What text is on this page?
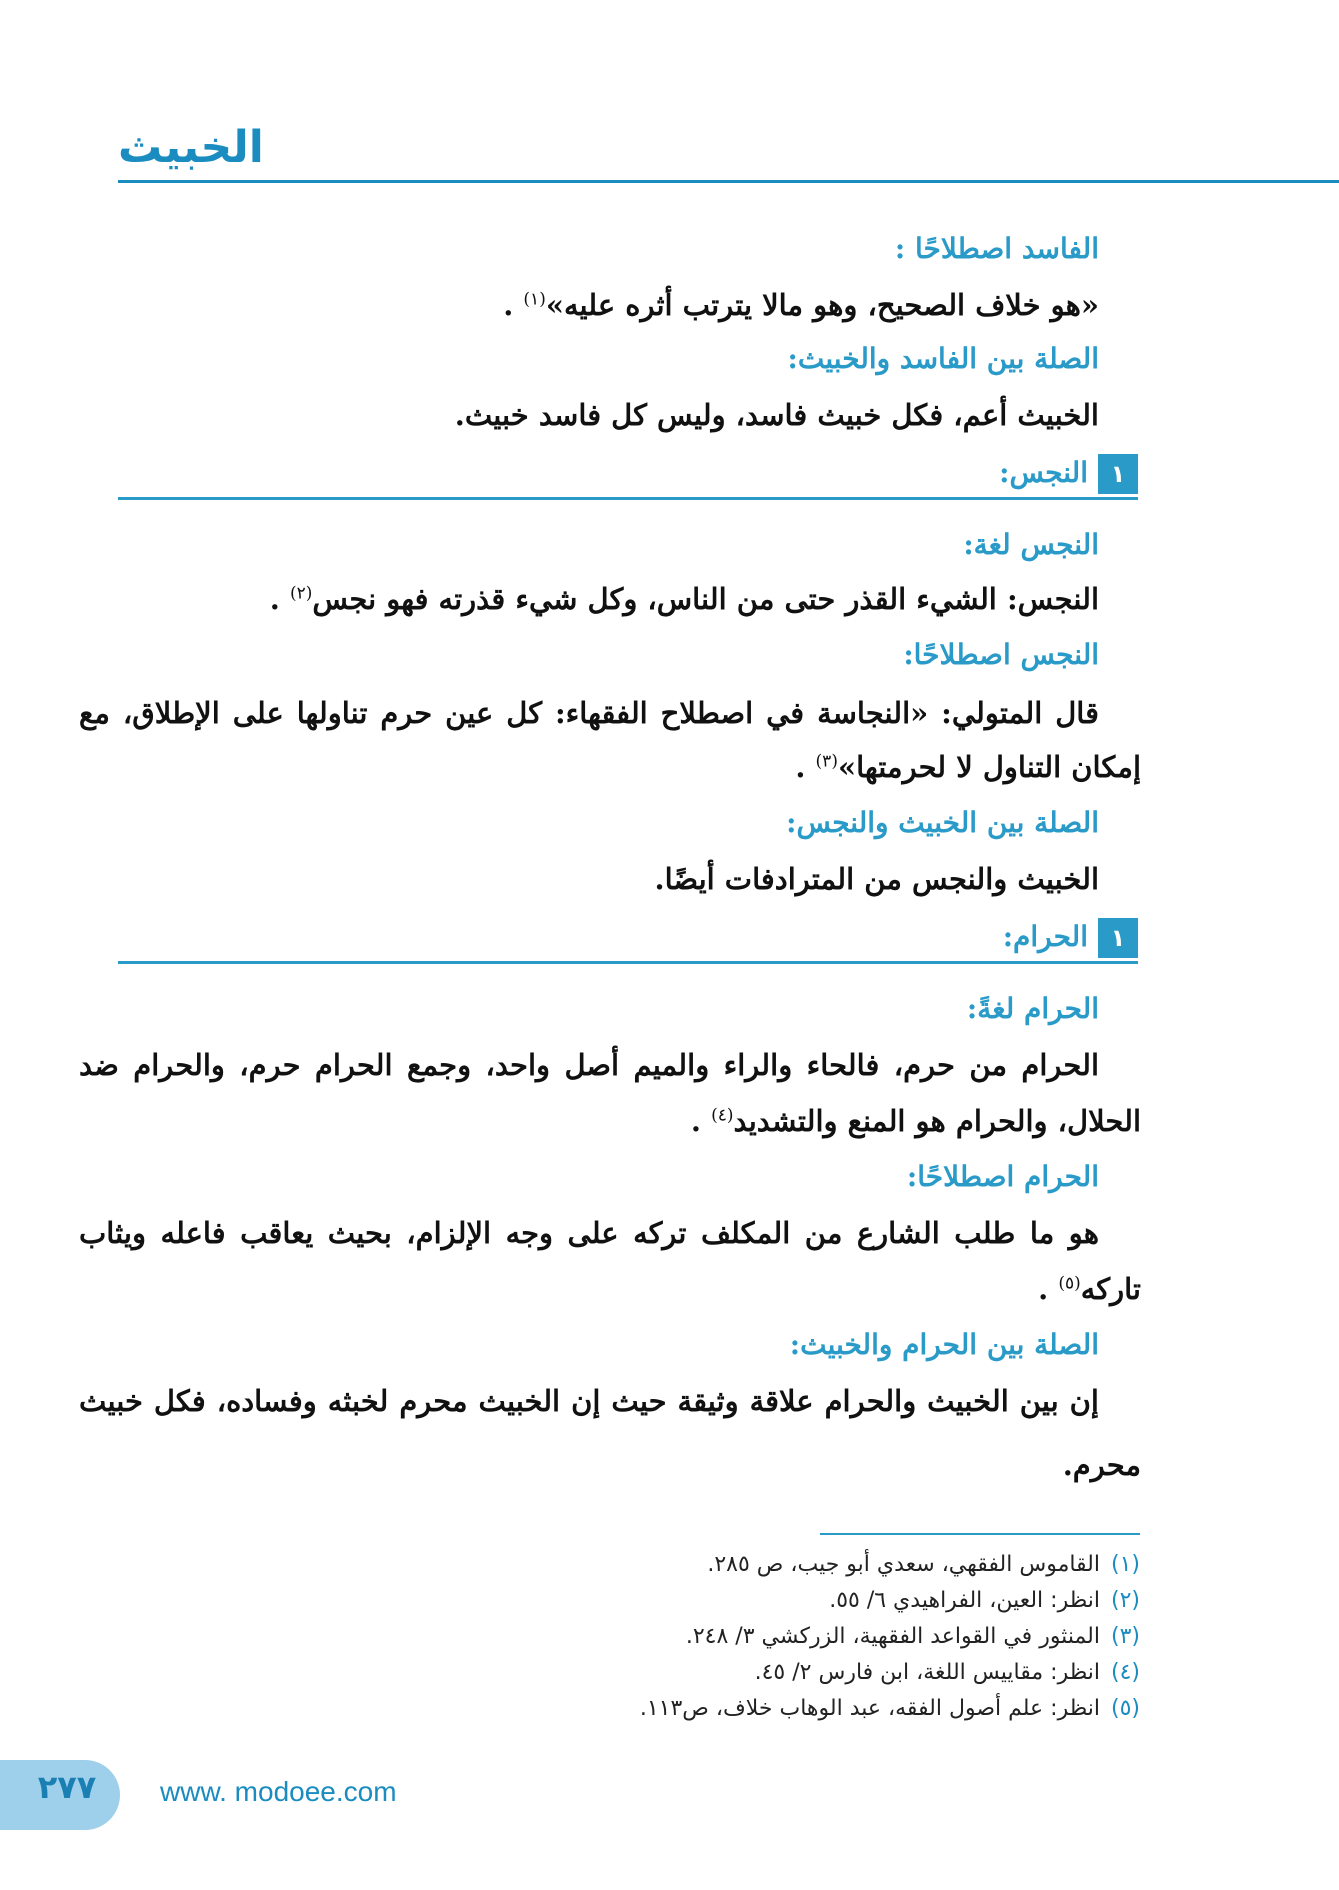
الخبيث
الفاسد اصطلاحًا :
«هو خلاف الصحيح، وهو مالا يترتب أثره عليه»$^{(١)}$ .
الصلة بين الفاسد والخبيث:
الخبيث أعم، فكل خبيث فاسد، وليس كل فاسد خبيث.
١
النجس:
النجس لغة:
النجس: الشيء القذر حتى من الناس، وكل شيء قذرته فهو نجس$^{(٢)}$ .
النجس اصطلاحًا:
قال المتولي: «النجاسة في اصطلاح الفقهاء: كل عين حرم تناولها على الإطلاق، مع
إمكان التناول لا لحرمتها»$^{(٣)}$ .
الصلة بين الخبيث والنجس:
الخبيث والنجس من المترادفات أيضًا.
١
الحرام:
الحرام لغةً:
الحرام من حرم، فالحاء والراء والميم أصل واحد، وجمع الحرام حرم، والحرام ضد
الحلال، والحرام هو المنع والتشديد$^{(٤)}$ .
الحرام اصطلاحًا:
هو ما طلب الشارع من المكلف تركه على وجه الإلزام، بحيث يعاقب فاعله ويثاب
تاركه$^{(٥)}$ .
الصلة بين الحرام والخبيث:
إن بين الخبيث والحرام علاقة وثيقة حيث إن الخبيث محرم لخبثه وفساده، فكل خبيث
محرم.
(١)القاموس الفقهي، سعدي أبو جيب، ص ٢٨٥.
(٢)انظر: العين، الفراهيدي ٦/ ٥٥.
(٣)المنثور في القواعد الفقهية، الزركشي ٣/ ٢٤٨.
(٤)انظر: مقاييس اللغة، ابن فارس ٢/ ٤٥.
(٥)انظر: علم أصول الفقه، عبد الوهاب خلاف، ص١١٣.
٢٧٧	www. modoee.com
